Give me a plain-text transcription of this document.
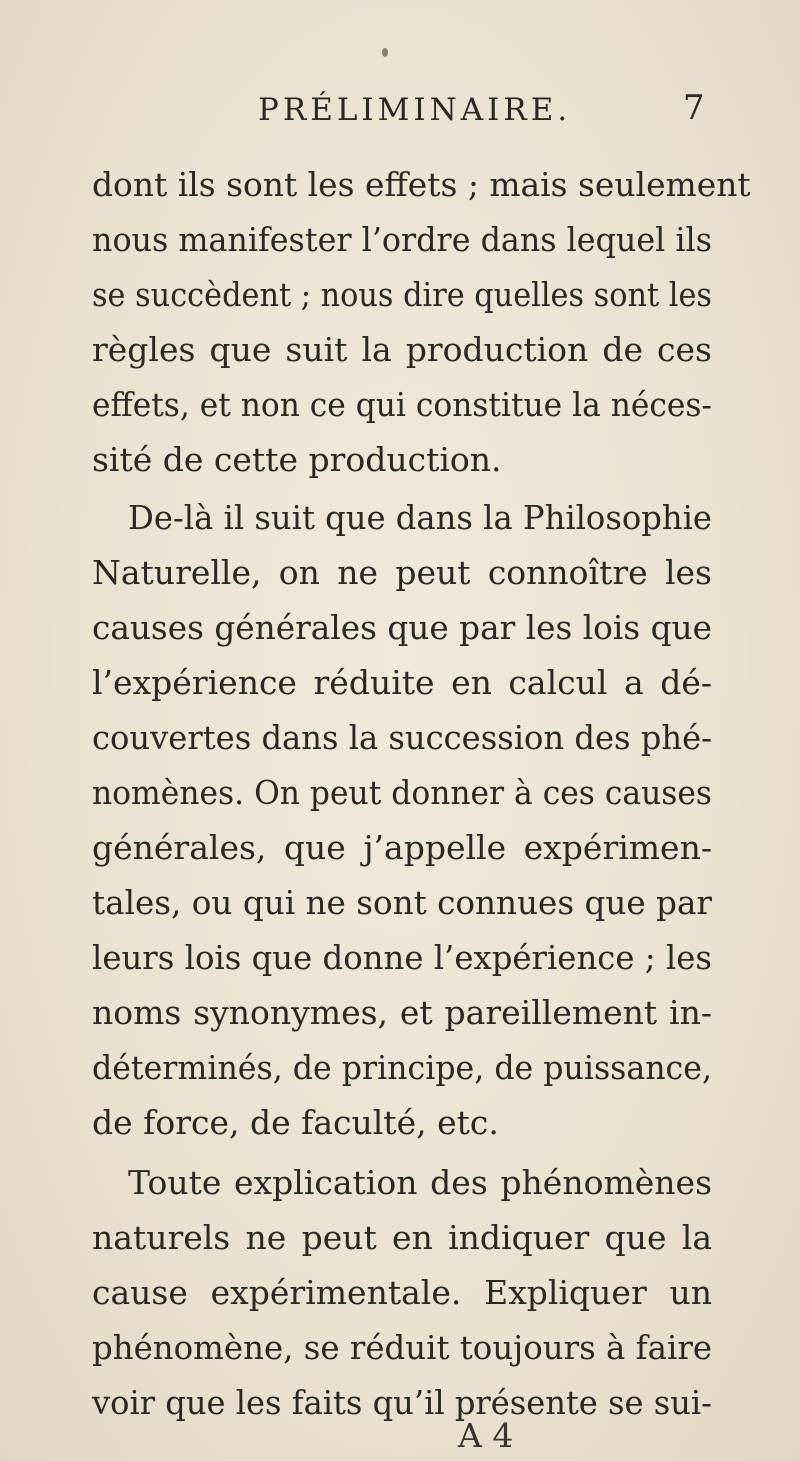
PRÉLIMINAIRE.	7
dont ils sont les effets ; mais seulement
nous manifester l’ordre dans lequel ils
se succèdent ; nous dire quelles sont les
règles que suit la production de ces
effets, et non ce qui constitue la néces-
sité de cette production.
De-là il suit que dans la Philosophie
Naturelle, on ne peut connoître les
causes générales que par les lois que
l’expérience réduite en calcul a dé-
couvertes dans la succession des phé-
nomènes. On peut donner à ces causes
générales, que j’appelle expérimen-
tales, ou qui ne sont connues que par
leurs lois que donne l’expérience ; les
noms synonymes, et pareillement in-
déterminés, de principe, de puissance,
de force, de faculté, etc.
Toute explication des phénomènes
naturels ne peut en indiquer que la
cause expérimentale. Expliquer un
phénomène, se réduit toujours à faire
voir que les faits qu’il présente se sui-
A 4
